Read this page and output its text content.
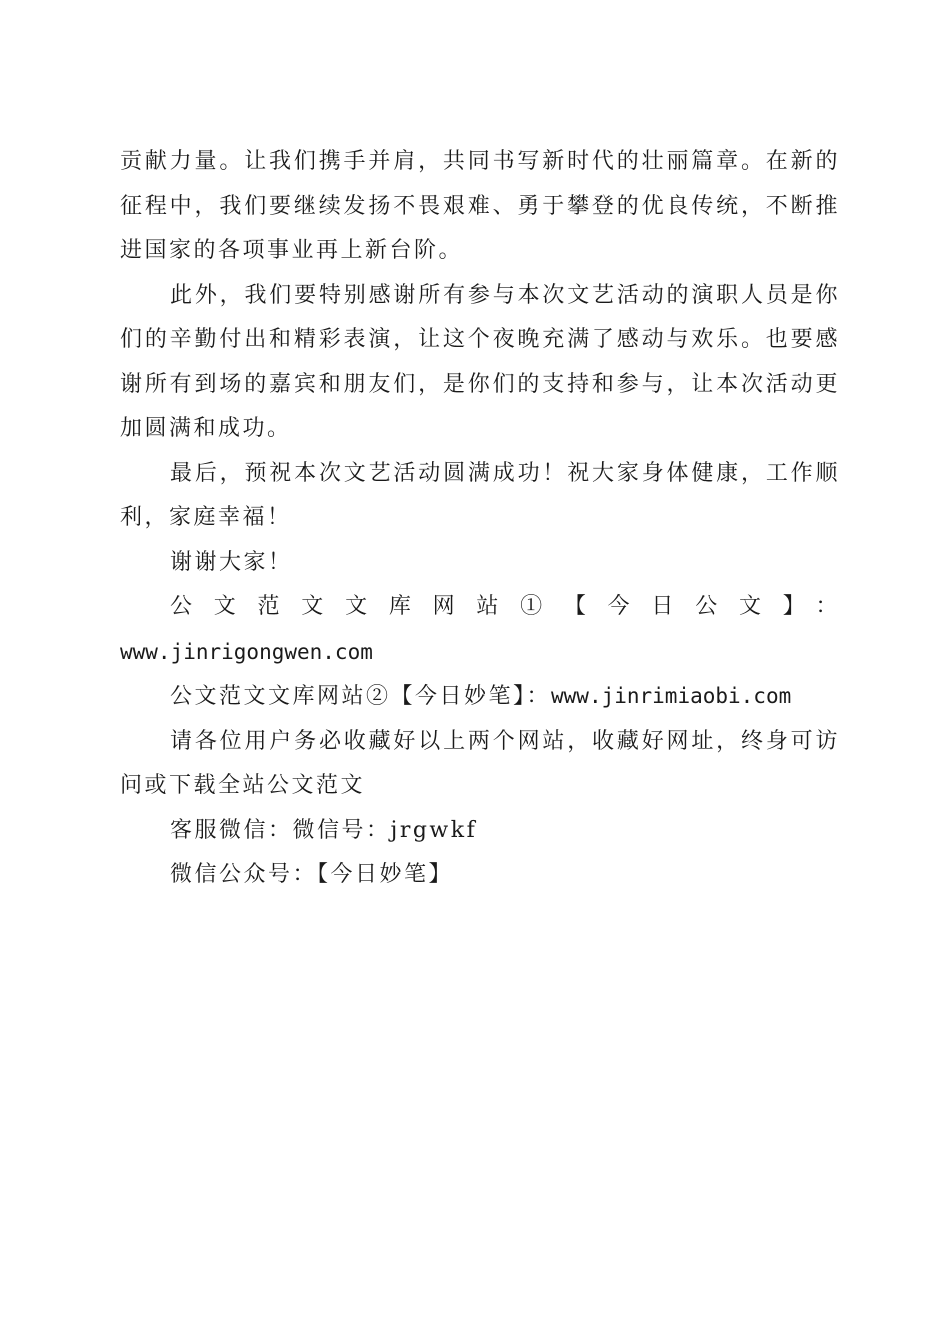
贡献力量。让我们携手并肩，共同书写新时代的壮丽篇章。在新的征程中，我们要继续发扬不畏艰难、勇于攀登的优良传统，不断推进国家的各项事业再上新台阶。

此外，我们要特别感谢所有参与本次文艺活动的演职人员是你们的辛勤付出和精彩表演，让这个夜晚充满了感动与欢乐。也要感谢所有到场的嘉宾和朋友们，是你们的支持和参与，让本次活动更加圆满和成功。

最后，预祝本次文艺活动圆满成功！祝大家身体健康，工作顺利，家庭幸福！

谢谢大家！

公文范文文库网站①【今日公文】：

www.jinrigongwen.com

公文范文文库网站②【今日妙笔】：www.jinrimiaobi.com

请各位用户务必收藏好以上两个网站，收藏好网址，终身可访问或下载全站公文范文

客服微信：微信号：jrgwkf

微信公众号：【今日妙笔】
